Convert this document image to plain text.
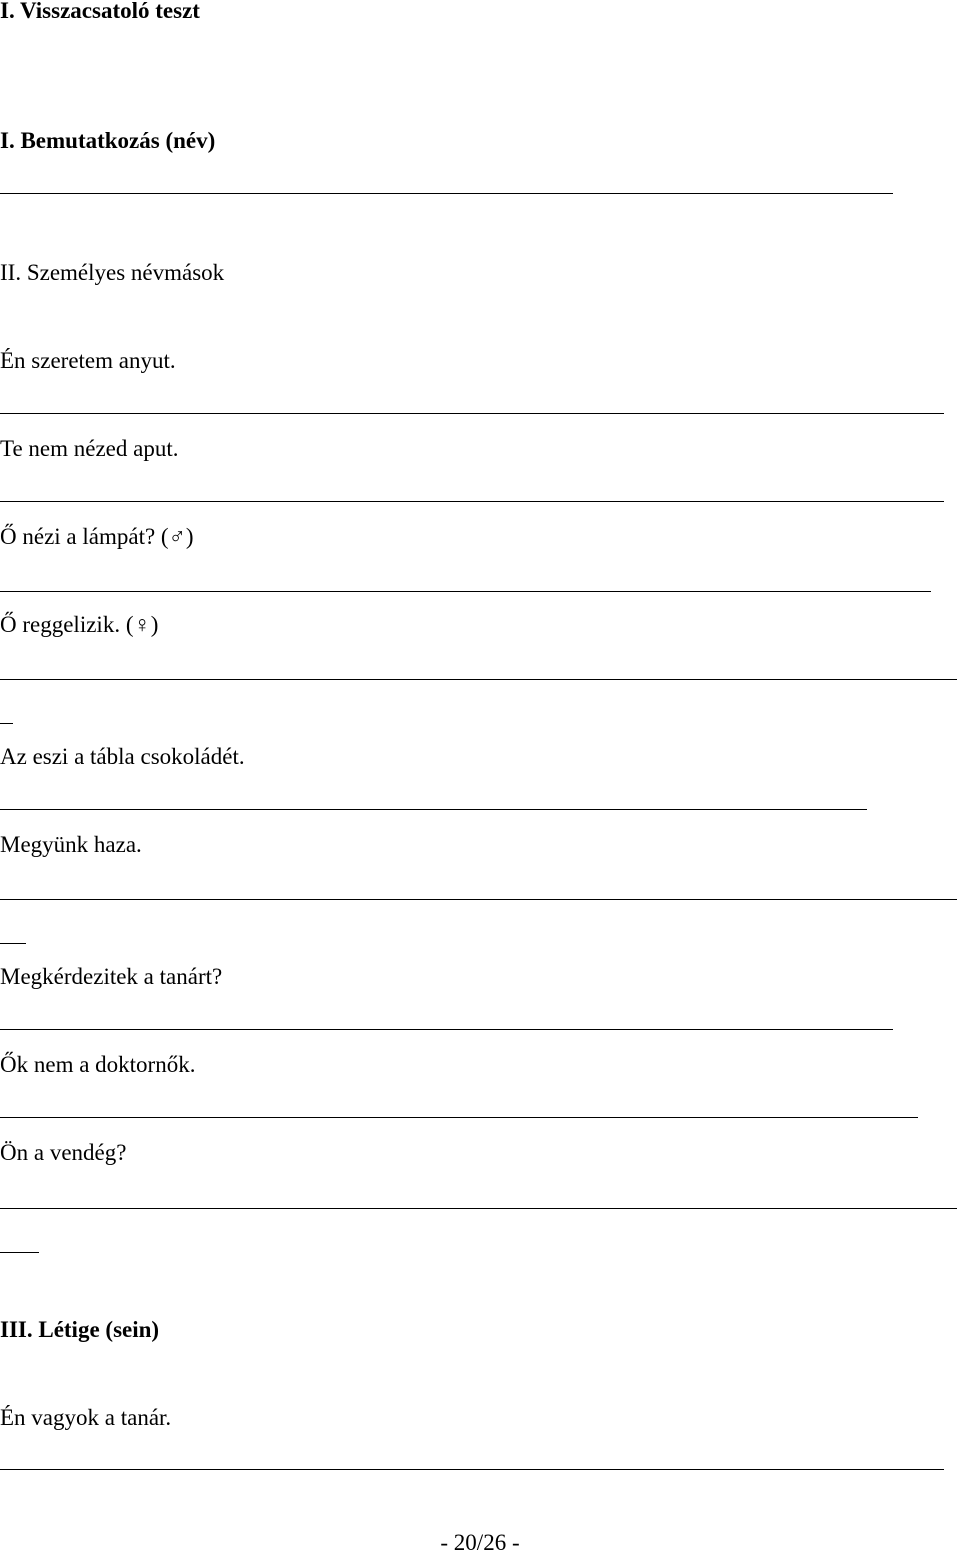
I. Visszacsatoló teszt
I. Bemutatkozás (név)
II. Személyes névmások
Én szeretem anyut.
Te nem nézed aput.
Ő nézi a lámpát? (♂)
Ő reggelizik. (♀)
Az eszi a tábla csokoládét.
Megyünk haza.
Megkérdezitek a tanárt?
Ők nem a doktornők.
Ön a vendég?
III. Létige (sein)
Én vagyok a tanár.
- 20/26 -
